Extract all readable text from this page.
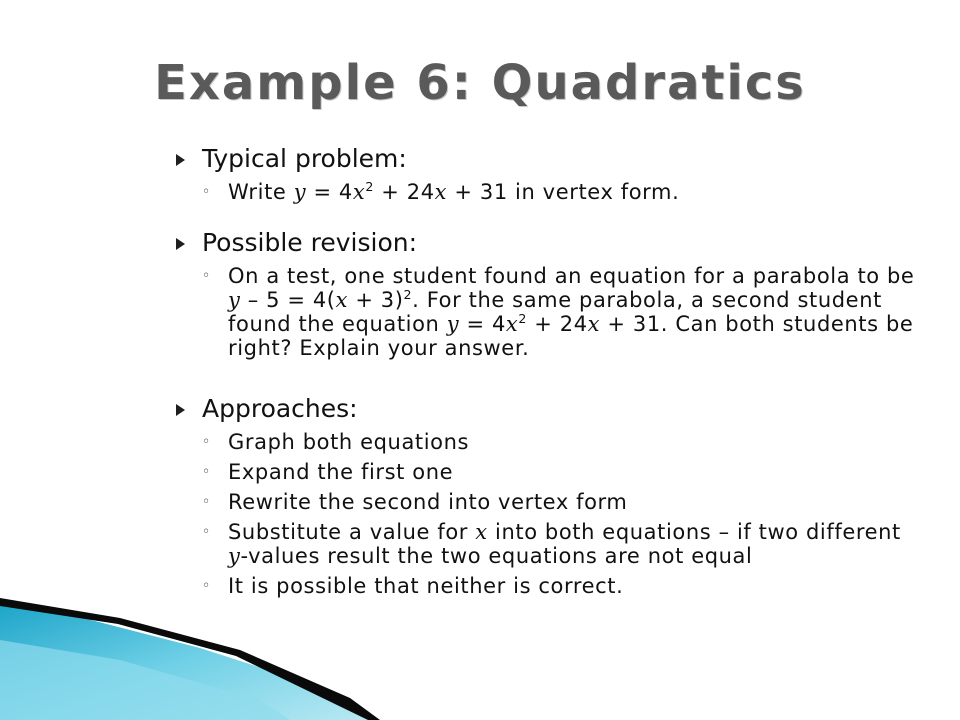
Example 6: Quadratics
Typical problem:
◦ Write $y = 4x^2 + 24x + 31$ in vertex form.
Possible revision:
◦ On a test, one student found an equation for a parabola to be $y - 5 = 4(x + 3)^2$. For the same parabola, a second student found the equation $y = 4x^2 + 24x + 31$. Can both students be right? Explain your answer.
Approaches:
◦ Graph both equations
◦ Expand the first one
◦ Rewrite the second into vertex form
◦ Substitute a value for x into both equations – if two different y-values result the two equations are not equal
◦ It is possible that neither is correct.
